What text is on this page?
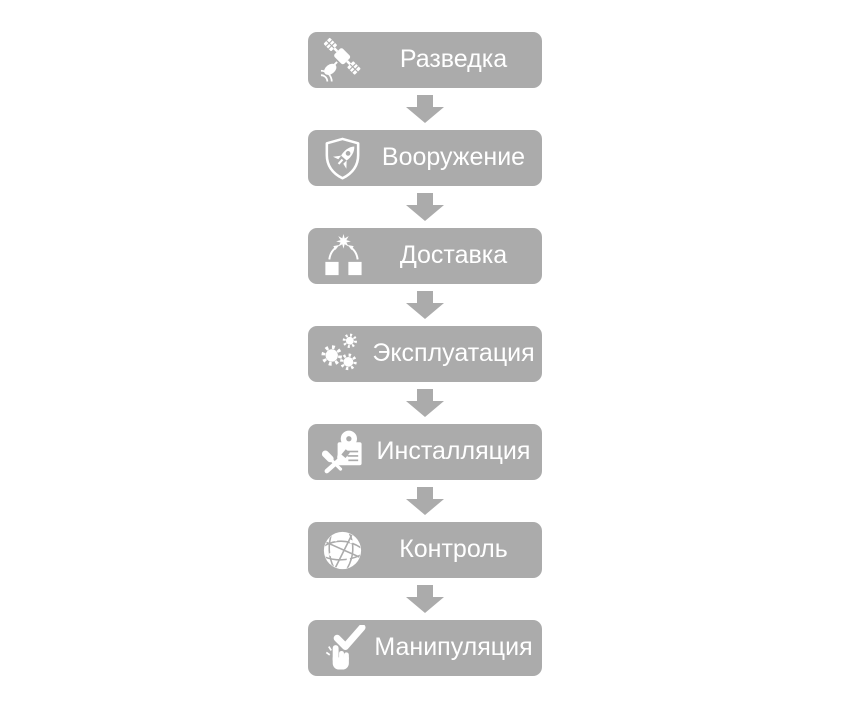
Разведка
Вооружение
Доставка
Эксплуатация
Инсталляция
Контроль
Манипуляция
